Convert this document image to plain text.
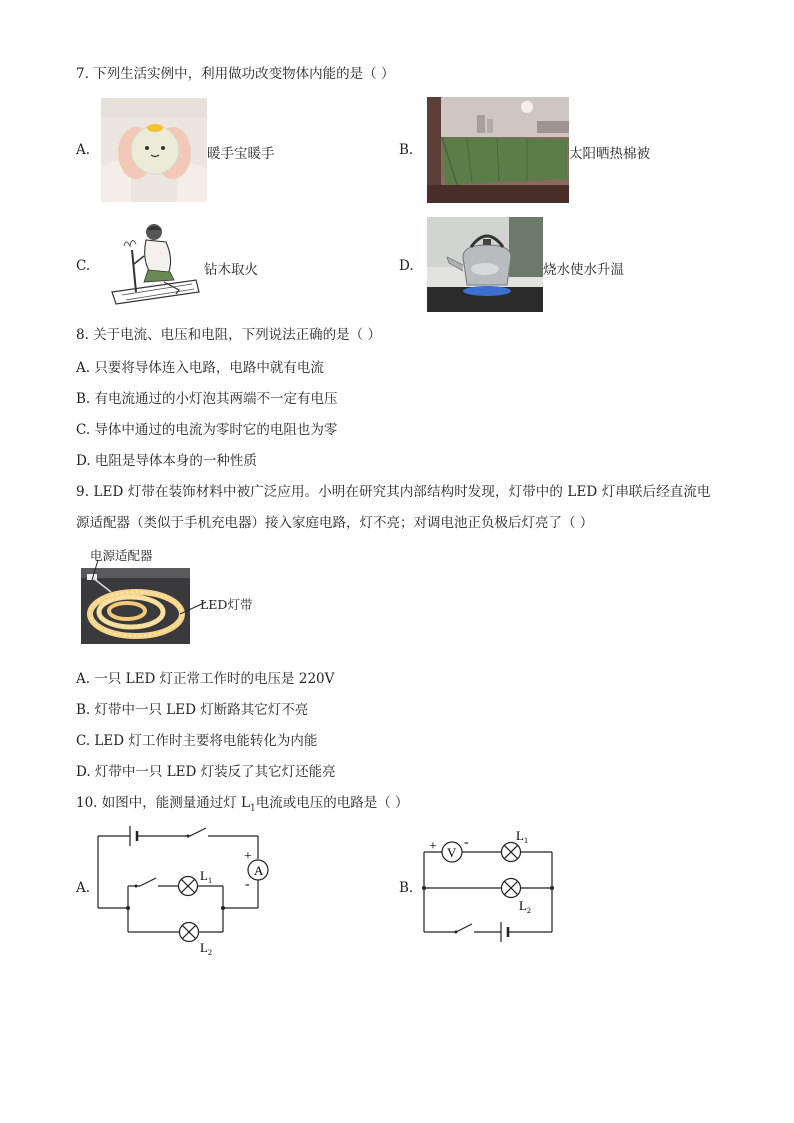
7. 下列生活实例中，利用做功改变物体内能的是（ ）
A.	暖手宝暖手	B.	太阳晒热棉被
C.	钻木取火	D.	烧水使水升温
8. 关于电流、电压和电阻，下列说法正确的是（ ）
A. 只要将导体连入电路，电路中就有电流
B. 有电流通过的小灯泡其两端不一定有电压
C. 导体中通过的电流为零时它的电阻也为零
D. 电阻是导体本身的一种性质
9. LED 灯带在装饰材料中被广泛应用。小明在研究其内部结构时发现，灯带中的 LED 灯串联后经直流电
源适配器（类似于手机充电器）接入家庭电路，灯不亮；对调电池正负极后灯亮了（ ）
电源适配器
LED灯带
A. 一只 LED 灯正常工作时的电压是 220V
B. 灯带中一只 LED 灯断路其它灯不亮
C. LED 灯工作时主要将电能转化为内能
D. 灯带中一只 LED 灯装反了其它灯还能亮
10. 如图中，能测量通过灯 $L_1$电流或电压的电路是（ ）
A.
A
+
-
$L_1$
$L_2$
B.
V
+ -	$L_1$
$L_2$
